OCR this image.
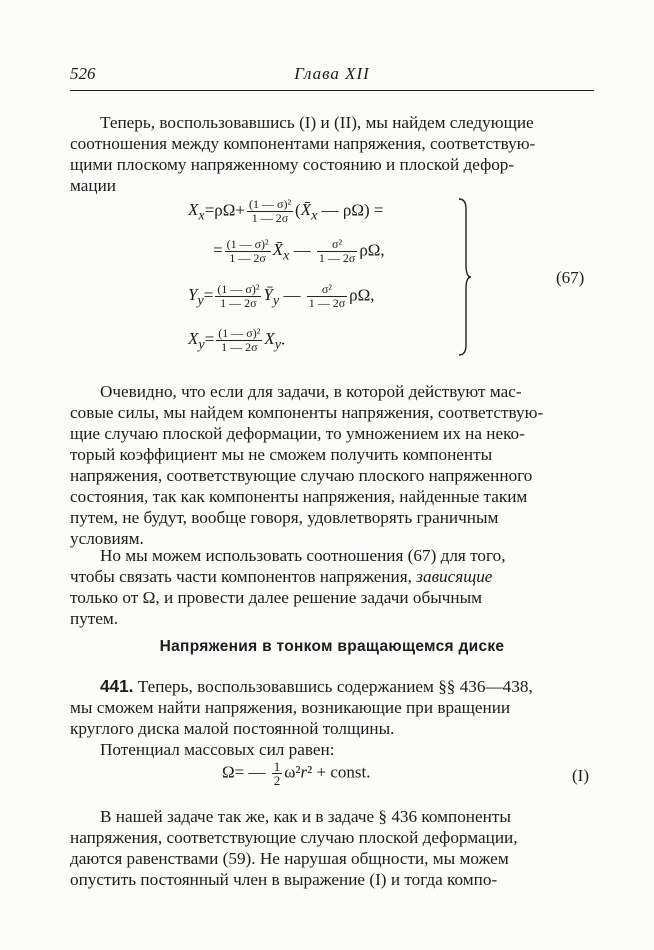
526	Глава XII

Теперь, воспользовавшись (I) и (II), мы найдем следующие

соотношения между компонентами напряжения, соответствую-

щими плоскому напряженному состоянию и плоской дефор-

мации

$X_x=\rho\Omega+ \frac{\text{(1 — σ)²}}{1 — 2\sigma}$ ($X̄_x$ — ρΩ) =
= $\frac{\text{(1 — σ)²}}{1 — 2\sigma}$ $X̄_x$ — $\frac{\text{σ²}}{1 — 2\sigma} \rho\Omega$,
$Y_y= \frac{\text{(1 — σ)²}}{1 — 2\sigma}$ $Ȳ_y$ — $\frac{\text{σ²}}{1 — 2\sigma} \rho\Omega$,
$X_y= \frac{\text{(1 — σ)²}}{1 — 2\sigma} X_y$.
(67)

Очевидно, что если для задачи, в которой действуют мас-

совые силы, мы найдем компоненты напряжения, соответствую-

щие случаю плоской деформации, то умножением их на неко-

торый коэффициент мы не сможем получить компоненты

напряжения, соответствующие случаю плоского напряженного

состояния, так как компоненты напряжения, найденные таким

путем, не будут, вообще говоря, удовлетворять граничным

условиям.

Но мы можем использовать соотношения (67) для того,

чтобы связать части компонентов напряжения, зависящие

только от Ω, и провести далее решение задачи обычным

путем.

Напряжения в тонком вращающемся диске

441. Теперь, воспользовавшись содержанием §§ 436—438,

мы сможем найти напряжения, возникающие при вращении

круглого диска малой постоянной толщины.

Потенциал массовых сил равен:

Ω= — $\frac{1}{2} \omega^2r^2$ + const.	(I)

В нашей задаче так же, как и в задаче § 436 компоненты

напряжения, соответствующие случаю плоской деформации,

даются равенствами (59). Не нарушая общности, мы можем

опустить постоянный член в выражение (I) и тогда компо-
